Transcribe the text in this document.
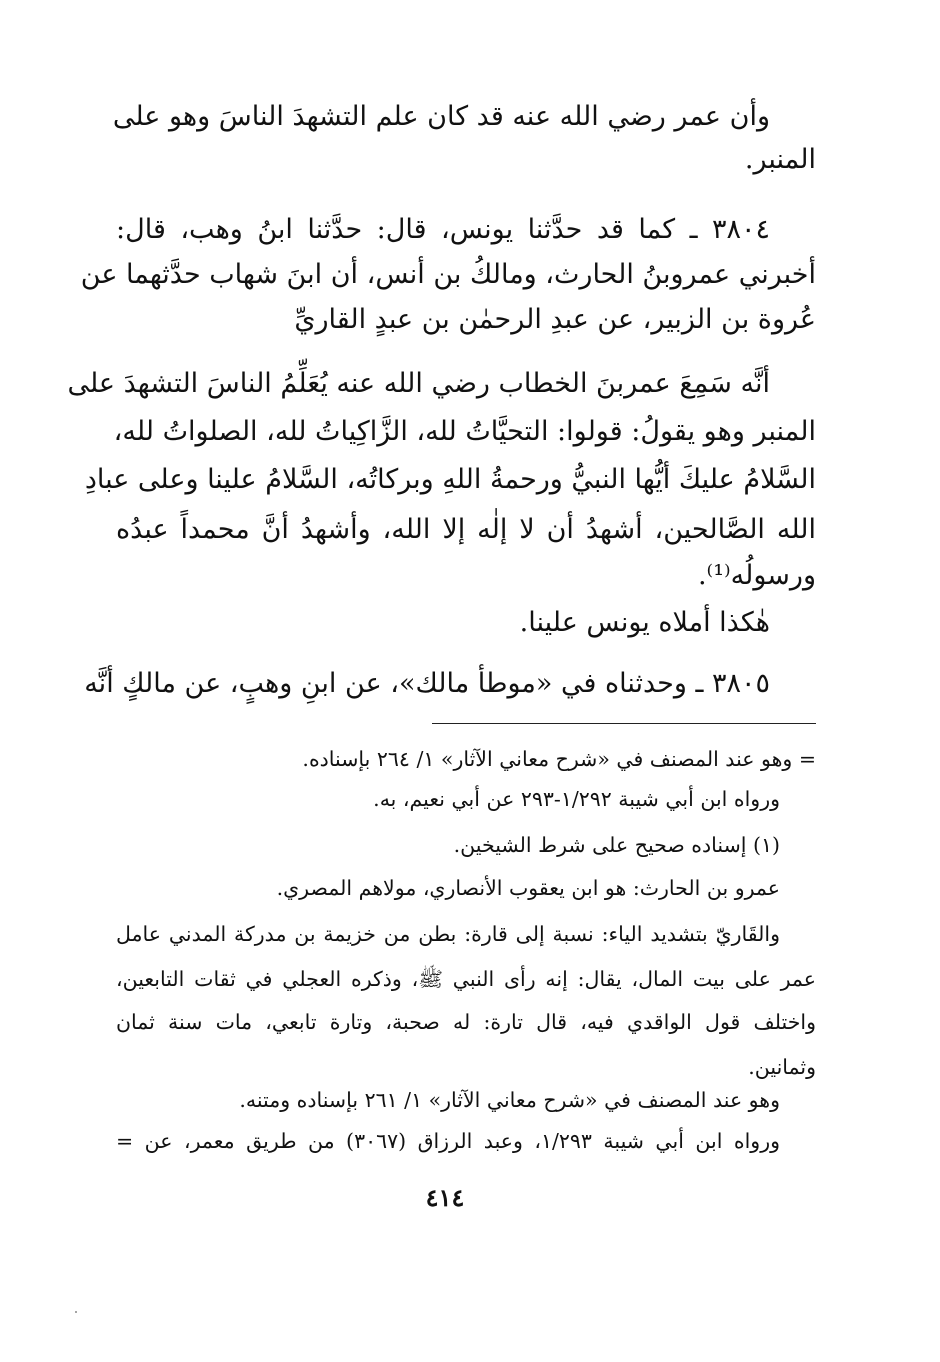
وأن عمر رضي الله عنه قد كان علم التشهدَ الناسَ وهو على
المنبر.
٣٨٠٤ ـ كما قد حدَّثنا يونس، قال: حدَّثنا ابنُ وهب، قال:
أخبرني عمروبنُ الحارث، ومالكُ بن أنس، أن ابنَ شهاب حدَّثهما عن
عُروة بن الزبير، عن عبدِ الرحمٰن بن عبدٍ القاريِّ
أنَّه سَمِعَ عمربنَ الخطاب رضي الله عنه يُعَلِّمُ الناسَ التشهدَ على
المنبر وهو يقولُ: قولوا: التحيَّاتُ لله، الزَّاكِياتُ لله، الصلواتُ لله،
السَّلامُ عليكَ أيُّها النبيُّ ورحمةُ اللهِ وبركاتُه، السَّلامُ علينا وعلى عبادِ
الله الصَّالحين، أشهدُ أن لا إلٰه إلا الله، وأشهدُ أنَّ محمداً عبدُه
ورسولُه⁽¹⁾.
هٰكذا أملاه يونس علينا.
٣٨٠٥ ـ وحدثناه في «موطأ مالك»، عن ابنِ وهبٍ، عن مالكٍ أنَّه
= وهو عند المصنف في «شرح معاني الآثار» ١/ ٢٦٤ بإسناده.
ورواه ابن أبي شيبة ١/٢٩٢-٢٩٣ عن أبي نعيم، به.
(١) إسناده صحيح على شرط الشيخين.
عمرو بن الحارث: هو ابن يعقوب الأنصاري، مولاهم المصري.
والقَاريّ بتشديد الياء: نسبة إلى قارة: بطن من خزيمة بن مدركة المدني عامل
عمر على بيت المال، يقال: إنه رأى النبي ﷺ، وذكره العجلي في ثقات التابعين،
واختلف قول الواقدي فيه، قال تارة: له صحبة، وتارة تابعي، مات سنة ثمان
وثمانين.
وهو عند المصنف في «شرح معاني الآثار» ١/ ٢٦١ بإسناده ومتنه.
ورواه ابن أبي شيبة ١/٢٩٣، وعبد الرزاق (٣٠٦٧) من طريق معمر، عن =
٤١٤
